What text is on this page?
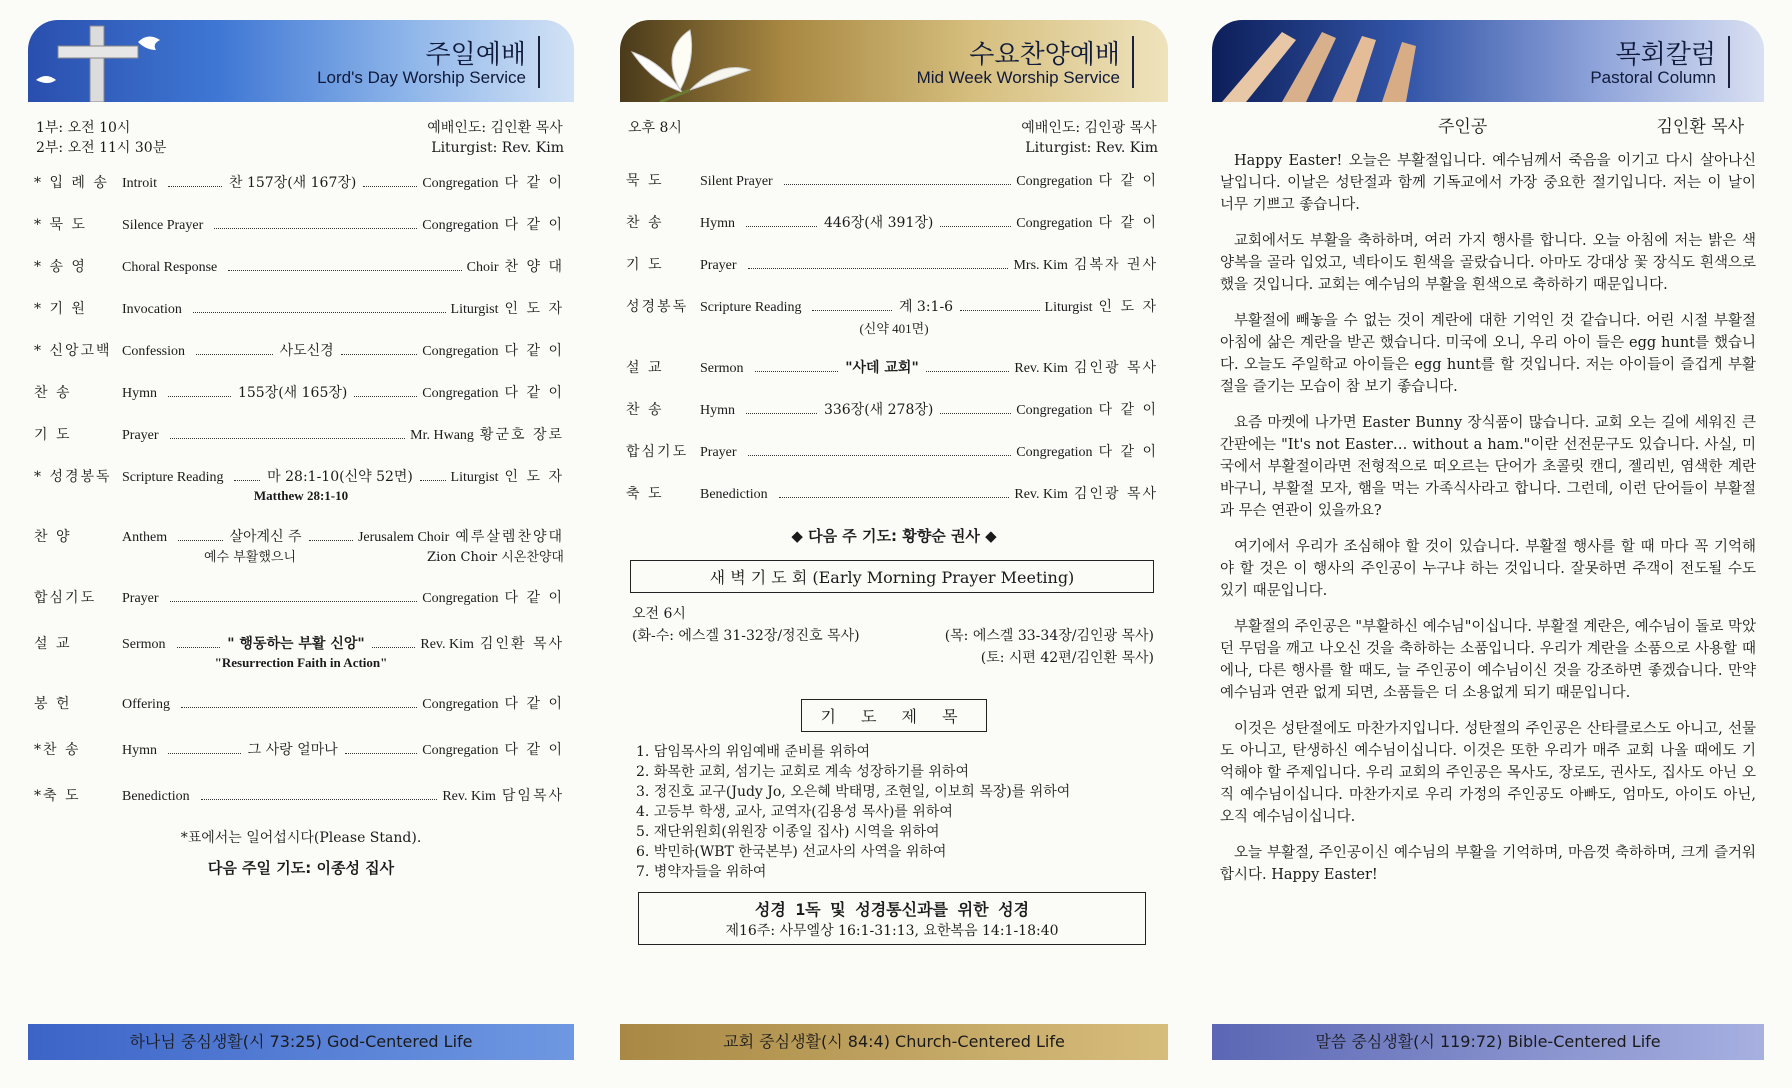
주일예배
Lord's Day Worship Service
1부: 오전 10시
2부: 오전 11시 30분
예배인도: 김인환 목사
Liturgist: Rev. Kim
* 입 례 송 Introit	찬 157장(새 167장)	Congregation 다 같 이
* 묵 도	Silence Prayer	Congregation 다 같 이
* 송 영	Choral Response	Choir 찬 양 대
* 기 원	Invocation	Liturgist 인 도 자
* 신앙고백 Confession	사도신경	Congregation 다 같 이
찬 송	Hymn	155장(새 165장)	Congregation 다 같 이
기 도	Prayer	Mr. Hwang 황군호 장로
* 성경봉독 Scripture Reading	마 28:1-10(신약 52면)	Liturgist 인 도 자
Matthew 28:1-10
찬 양	Anthem	살아계신 주	Jerusalem Choir 예루살렘찬양대
예수 부활했으니	Zion Choir 시온찬양대
합심기도	Prayer	Congregation 다 같 이
설 교	Sermon	" 행동하는 부활 신앙"	Rev. Kim 김인환 목사
"Resurrection Faith in Action"
봉 헌	Offering	Congregation 다 같 이
*찬 송	Hymn	그 사랑 얼마나	Congregation 다 같 이
*축 도	Benediction	Rev. Kim 담임목사
*표에서는 일어섭시다(Please Stand).
다음 주일 기도: 이종성 집사
하나님 중심생활(시 73:25) God-Centered Life
수요찬양예배
Mid Week Worship Service
오후 8시	예배인도: 김인광 목사
Liturgist: Rev. Kim
묵 도	Silent Prayer	Congregation 다 같 이
찬 송	Hymn	446장(새 391장)	Congregation 다 같 이
기 도	Prayer	Mrs. Kim 김복자 권사
성경봉독 Scripture Reading	계 3:1-6	Liturgist 인 도 자
(신약 401면)
설 교	Sermon	"사데 교회"	Rev. Kim 김인광 목사
찬 송	Hymn	336장(새 278장)	Congregation 다 같 이
합심기도 Prayer	Congregation 다 같 이
축 도	Benediction	Rev. Kim 김인광 목사
◆ 다음 주 기도: 황향순 권사 ◆
새 벽 기 도 회 (Early Morning Prayer Meeting)
오전 6시
(화-수: 에스겔 31-32장/정진호 목사)	(목: 에스겔 33-34장/김인광 목사)
(토: 시편 42편/김인환 목사)
기 도 제 목
1. 담임목사의 위임예배 준비를 위하여
2. 화목한 교회, 섬기는 교회로 계속 성장하기를 위하여
3. 정진호 교구(Judy Jo, 오은혜 박태명, 조현일, 이보희 목장)를 위하여
4. 고등부 학생, 교사, 교역자(김용성 목사)를 위하여
5. 재단위원회(위원장 이종일 집사) 시역을 위하여
6. 박민하(WBT 한국본부) 선교사의 사역을 위하여
7. 병약자들을 위하여
성경 1독 및 성경통신과를 위한 성경
제16주: 사무엘상 16:1-31:13, 요한복음 14:1-18:40
교회 중심생활(시 84:4) Church-Centered Life
목회칼럼
Pastoral Column
주인공	김인환 목사

Happy Easter! 오늘은 부활절입니다. 예수님께서 죽음을 이기고 다시 살아나신 날입니다. 이날은 성탄절과 함께 기독교에서 가장 중요한 절기입니다. 저는 이 날이 너무 기쁘고 좋습니다.

교회에서도 부활을 축하하며, 여러 가지 행사를 합니다. 오늘 아침에 저는 밝은 색 양복을 골라 입었고, 넥타이도 흰색을 골랐습니다. 아마도 강대상 꽃 장식도 흰색으로 했을 것입니다. 교회는 예수님의 부활을 흰색으로 축하하기 때문입니다.

부활절에 빼놓을 수 없는 것이 계란에 대한 기억인 것 같습니다. 어린 시절 부활절 아침에 삶은 계란을 받곤 했습니다. 미국에 오니, 우리 아이 들은 egg hunt를 했습니다. 오늘도 주일학교 아이들은 egg hunt를 할 것입니다. 저는 아이들이 즐겁게 부활절을 즐기는 모습이 참 보기 좋습니다.

요즘 마켓에 나가면 Easter Bunny 장식품이 많습니다. 교회 오는 길에 세워진 큰 간판에는 "It's not Easter… without a ham."이란 선전문구도 있습니다. 사실, 미국에서 부활절이라면 전형적으로 떠오르는 단어가 초콜릿 캔디, 젤리빈, 염색한 계란 바구니, 부활절 모자, 햄을 먹는 가족식사라고 합니다. 그런데, 이런 단어들이 부활절과 무슨 연관이 있을까요?

여기에서 우리가 조심해야 할 것이 있습니다. 부활절 행사를 할 때 마다 꼭 기억해야 할 것은 이 행사의 주인공이 누구냐 하는 것입니다. 잘못하면 주객이 전도될 수도 있기 때문입니다.

부활절의 주인공은 "부활하신 예수님"이십니다. 부활절 계란은, 예수님이 돌로 막았던 무덤을 깨고 나오신 것을 축하하는 소품입니다. 우리가 계란을 소품으로 사용할 때에나, 다른 행사를 할 때도, 늘 주인공이 예수님이신 것을 강조하면 좋겠습니다. 만약 예수님과 연관 없게 되면, 소품들은 더 소용없게 되기 때문입니다.

이것은 성탄절에도 마찬가지입니다. 성탄절의 주인공은 산타클로스도 아니고, 선물도 아니고, 탄생하신 예수님이십니다. 이것은 또한 우리가 매주 교회 나올 때에도 기억해야 할 주제입니다. 우리 교회의 주인공은 목사도, 장로도, 권사도, 집사도 아닌 오직 예수님이십니다. 마찬가지로 우리 가정의 주인공도 아빠도, 엄마도, 아이도 아닌, 오직 예수님이십니다.

오늘 부활절, 주인공이신 예수님의 부활을 기억하며, 마음껏 축하하며, 크게 즐거워합시다. Happy Easter!

말씀 중심생활(시 119:72) Bible-Centered Life
